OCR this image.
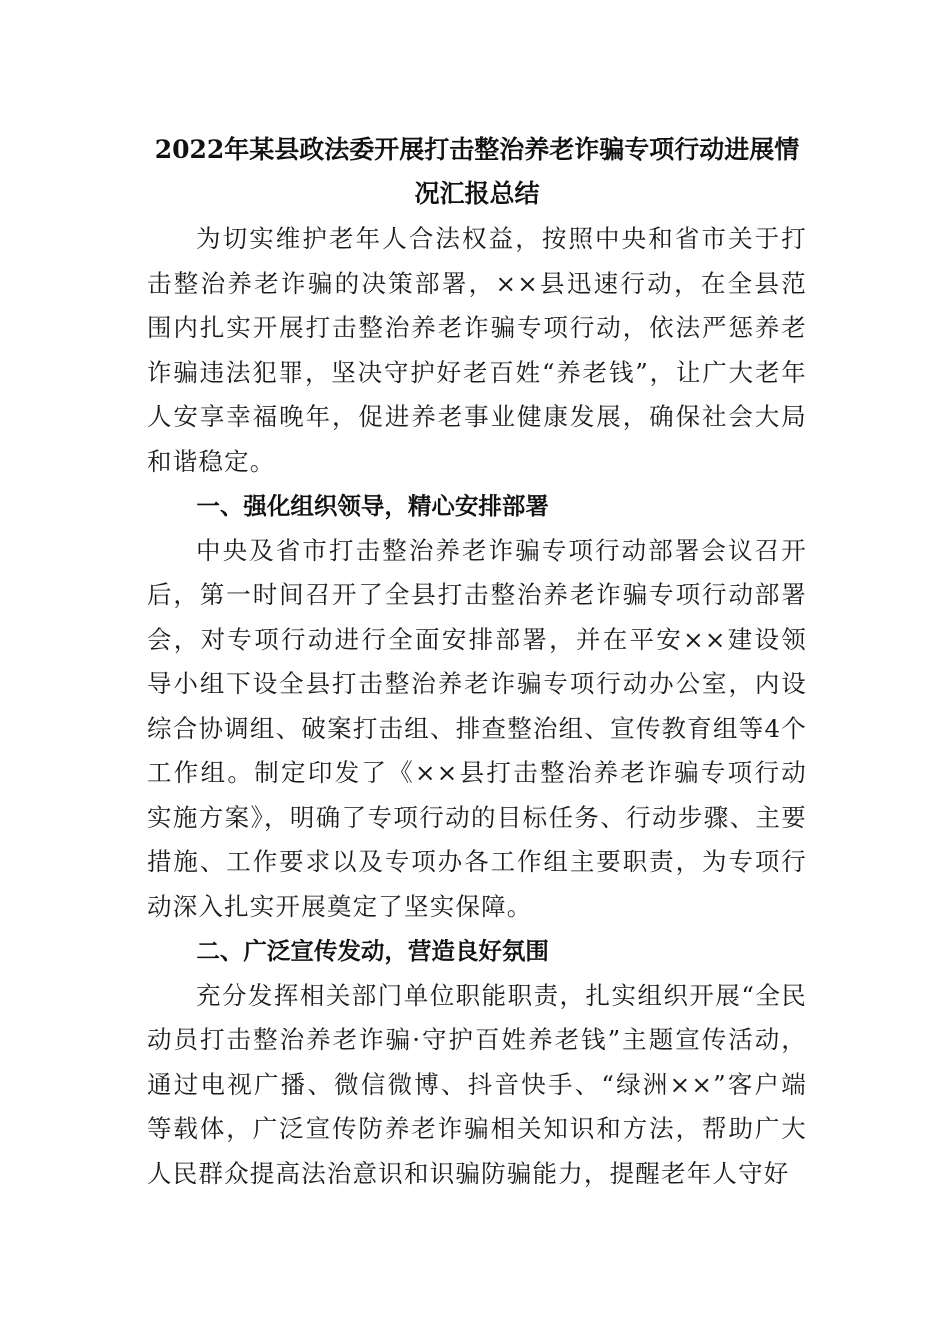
2022年某县政法委开展打击整治养老诈骗专项行动进展情
况汇报总结

为切实维护老年人合法权益，按照中央和省市关于打击整治养老诈骗的决策部署，××县迅速行动，在全县范围内扎实开展打击整治养老诈骗专项行动，依法严惩养老诈骗违法犯罪，坚决守护好老百姓“养老钱”，让广大老年人安享幸福晚年，促进养老事业健康发展，确保社会大局和谐稳定。

一、强化组织领导，精心安排部署

中央及省市打击整治养老诈骗专项行动部署会议召开后，第一时间召开了全县打击整治养老诈骗专项行动部署会，对专项行动进行全面安排部署，并在平安××建设领导小组下设全县打击整治养老诈骗专项行动办公室，内设综合协调组、破案打击组、排查整治组、宣传教育组等4个工作组。制定印发了《××县打击整治养老诈骗专项行动实施方案》，明确了专项行动的目标任务、行动步骤、主要措施、工作要求以及专项办各工作组主要职责，为专项行动深入扎实开展奠定了坚实保障。

二、广泛宣传发动，营造良好氛围

充分发挥相关部门单位职能职责，扎实组织开展“全民动员打击整治养老诈骗·守护百姓养老钱”主题宣传活动，通过电视广播、微信微博、抖音快手、“绿洲××”客户端等载体，广泛宣传防养老诈骗相关知识和方法，帮助广大人民群众提高法治意识和识骗防骗能力，提醒老年人守好
